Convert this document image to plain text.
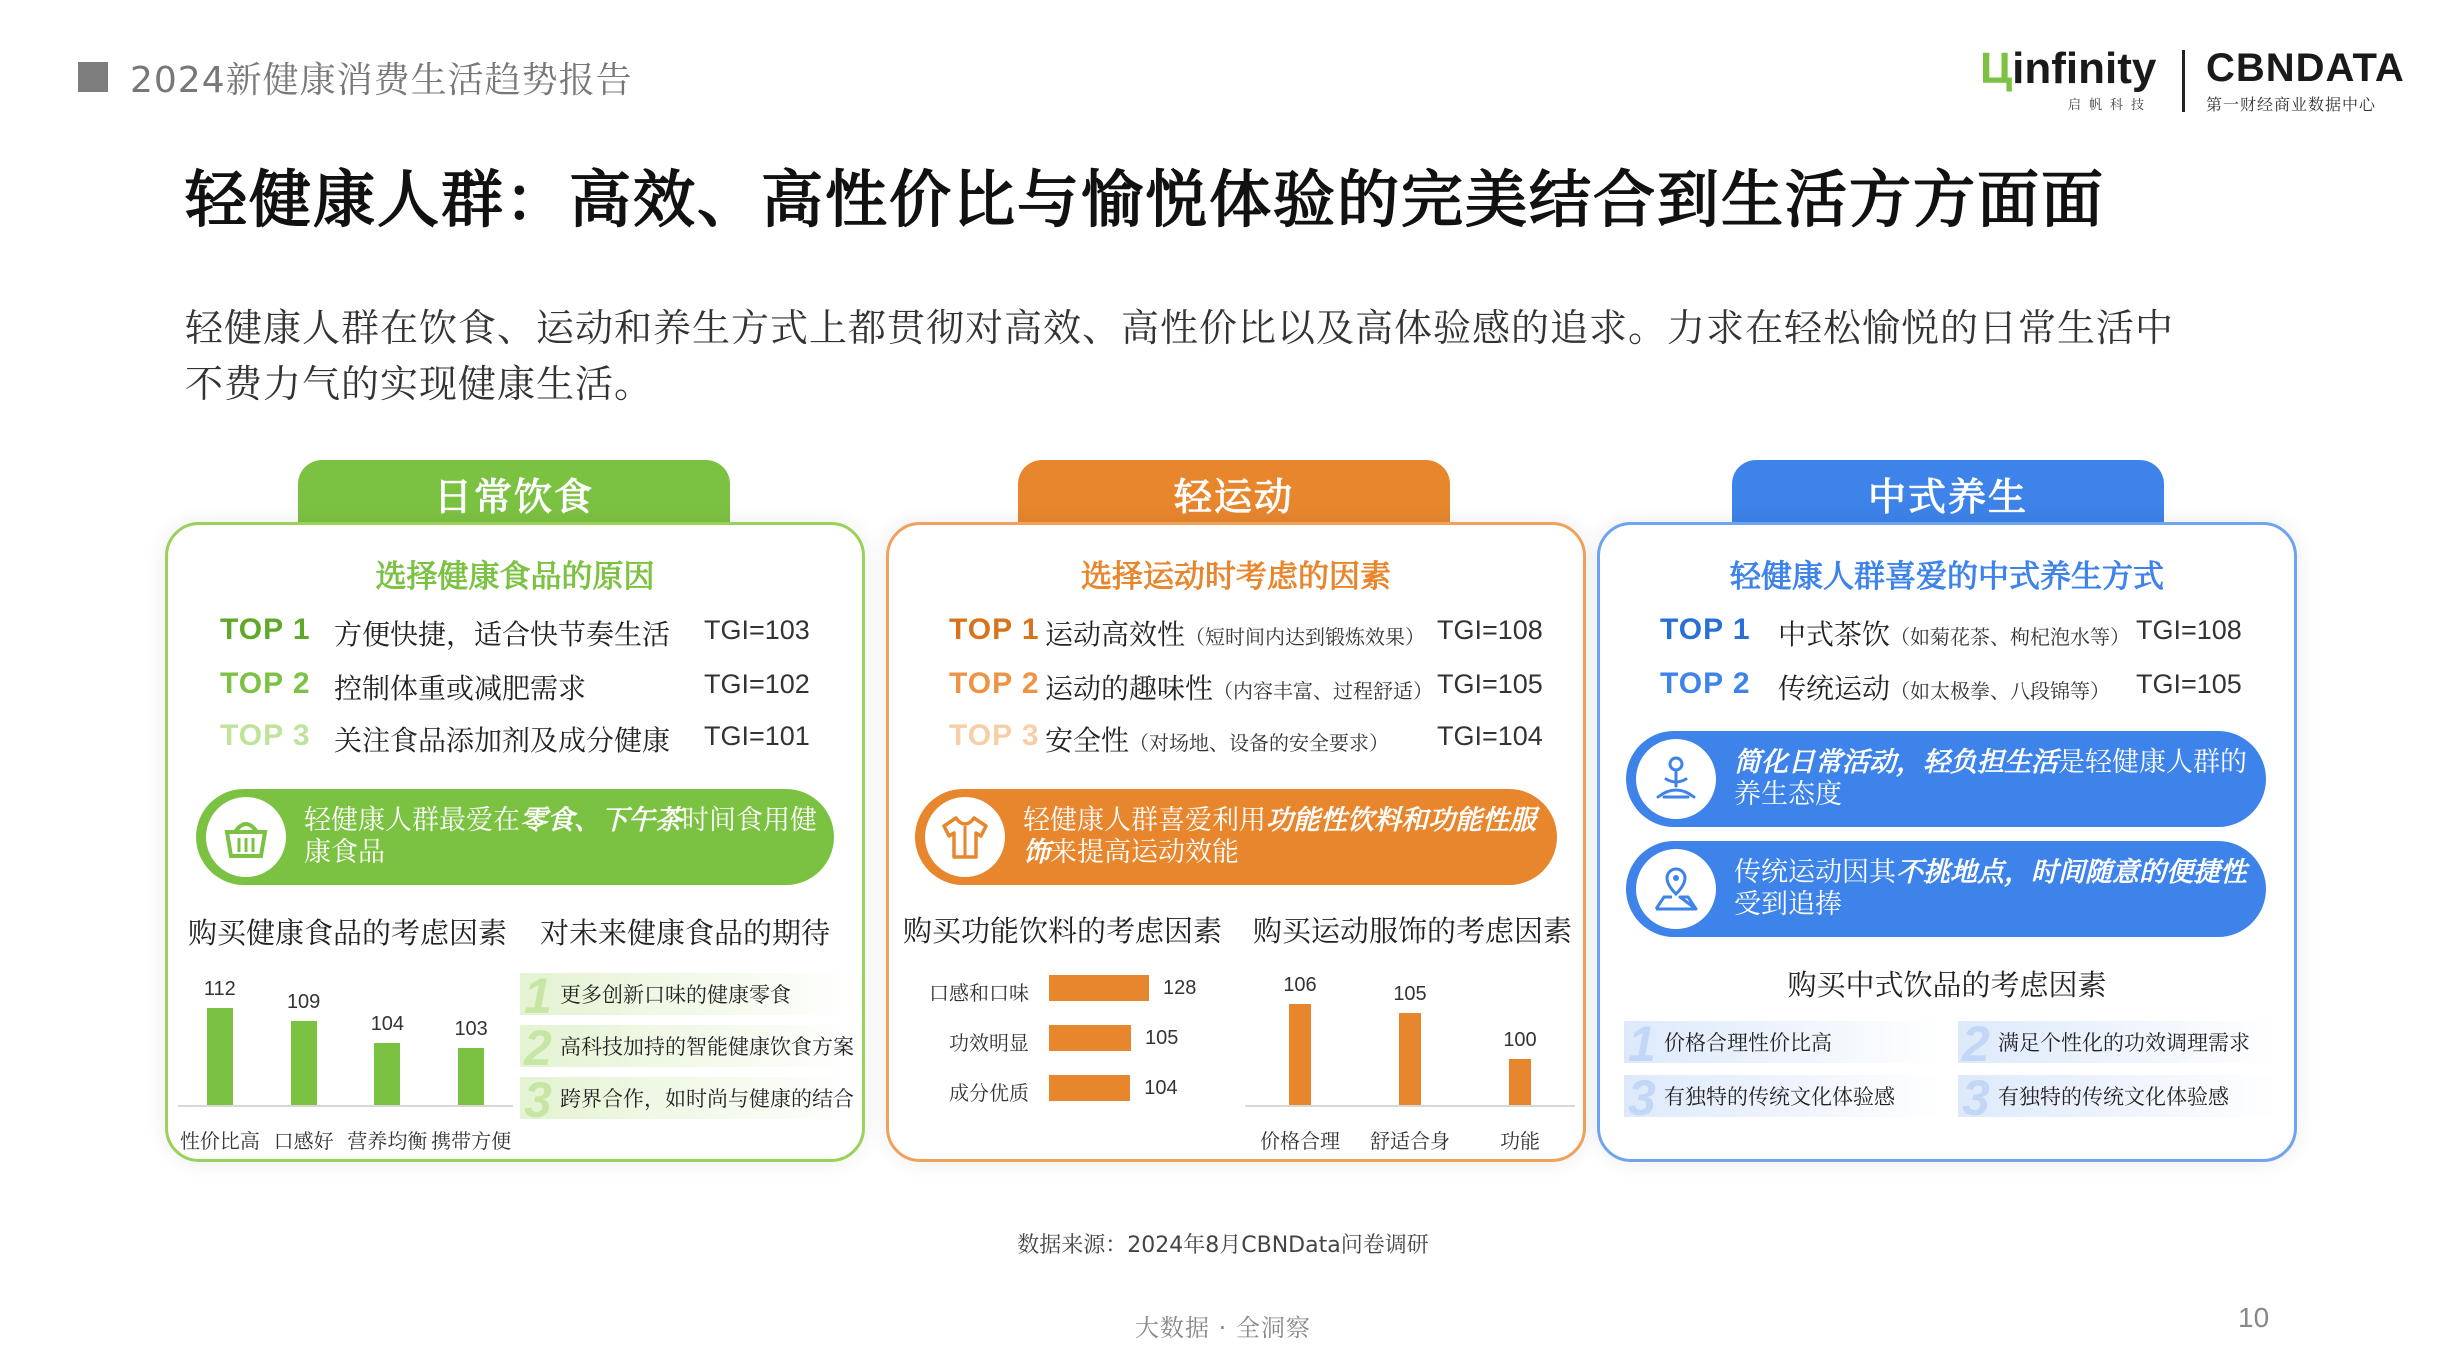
2024新健康消费生活趋势报告	Цinfinity
启帆科技
CBNDATA
第一财经商业数据中心
轻健康人群：高效、高性价比与愉悦体验的完美结合到生活方方面面
轻健康人群在饮食、运动和养生方式上都贯彻对高效、高性价比以及高体验感的追求。力求在轻松愉悦的日常生活中
不费力气的实现健康生活。
日常饮食
选择健康食品的原因
TOP 1 方便快捷，适合快节奏生活 TGI=103
TOP 2 控制体重或减肥需求	TGI=102
TOP 3 关注食品添加剂及成分健康 TGI=101
轻健康人群最爱在零食、下午茶时间食用健康食品
购买健康食品的考虑因素 对未来健康食品的期待
112
性价比高
109
口感好
104
营养均衡
103
携带方便
1 更多创新口味的健康零食
2 高科技加持的智能健康饮食方案
3 跨界合作，如时尚与健康的结合
轻运动
选择运动时考虑的因素
TOP 1 运动高效性（短时间内达到锻炼效果） TGI=108
TOP 2 运动的趣味性（内容丰富、过程舒适） TGI=105
TOP 3 安全性（对场地、设备的安全要求） TGI=104
轻健康人群喜爱利用功能性饮料和功能性服饰来提高运动效能
购买功能饮料的考虑因素 购买运动服饰的考虑因素
口感和口味	128
功效明显	105
成分优质	104
106
价格合理
105
舒适合身
100
功能
中式养生
轻健康人群喜爱的中式养生方式
TOP 1 中式茶饮（如菊花茶、枸杞泡水等） TGI=108
TOP 2 传统运动（如太极拳、八段锦等） TGI=105
简化日常活动，轻负担生活是轻健康人群的养生态度
传统运动因其不挑地点，时间随意的便捷性受到追捧
购买中式饮品的考虑因素
1 价格合理性价比高	2 满足个性化的功效调理需求
3 有独特的传统文化体验感 3 有独特的传统文化体验感
数据来源：2024年8月CBNData问卷调研
大数据 · 全洞察	10
